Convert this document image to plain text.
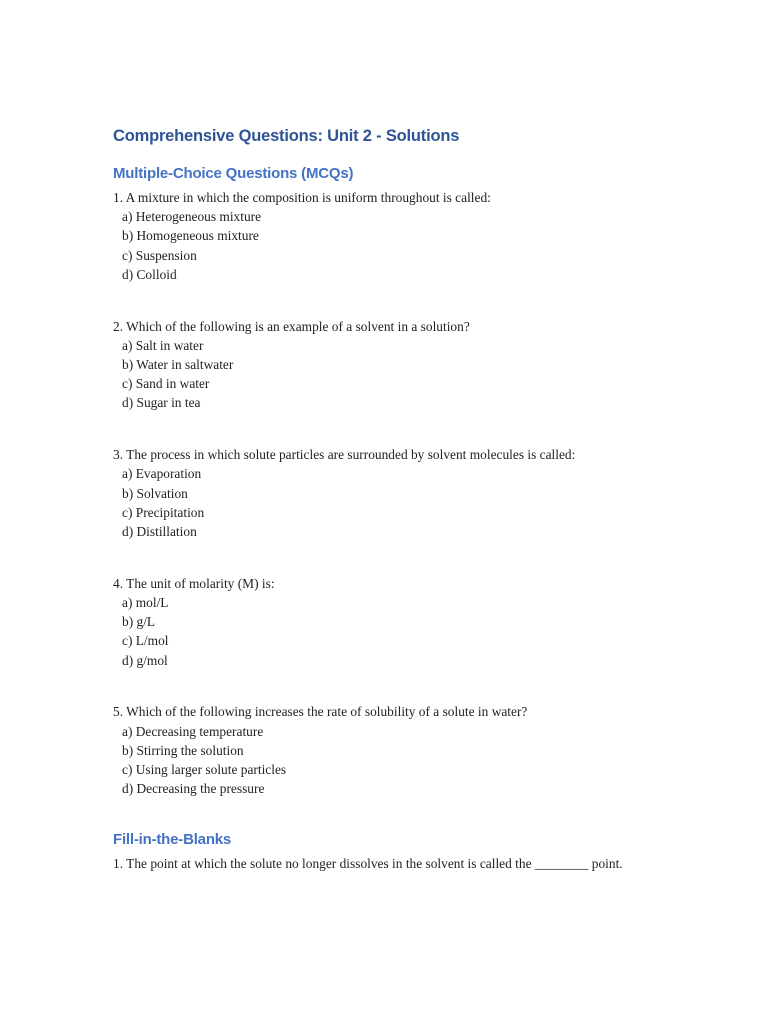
Comprehensive Questions: Unit 2 - Solutions
Multiple-Choice Questions (MCQs)

1. A mixture in which the composition is uniform throughout is called:

a) Heterogeneous mixture
b) Homogeneous mixture
c) Suspension
d) Colloid

2. Which of the following is an example of a solvent in a solution?

a) Salt in water
b) Water in saltwater
c) Sand in water
d) Sugar in tea

3. The process in which solute particles are surrounded by solvent molecules is called:

a) Evaporation
b) Solvation
c) Precipitation
d) Distillation

4. The unit of molarity (M) is:

a) mol/L
b) g/L
c) L/mol
d) g/mol

5. Which of the following increases the rate of solubility of a solute in water?

a) Decreasing temperature
b) Stirring the solution
c) Using larger solute particles
d) Decreasing the pressure
Fill-in-the-Blanks

1. The point at which the solute no longer dissolves in the solvent is called the ________ point.
